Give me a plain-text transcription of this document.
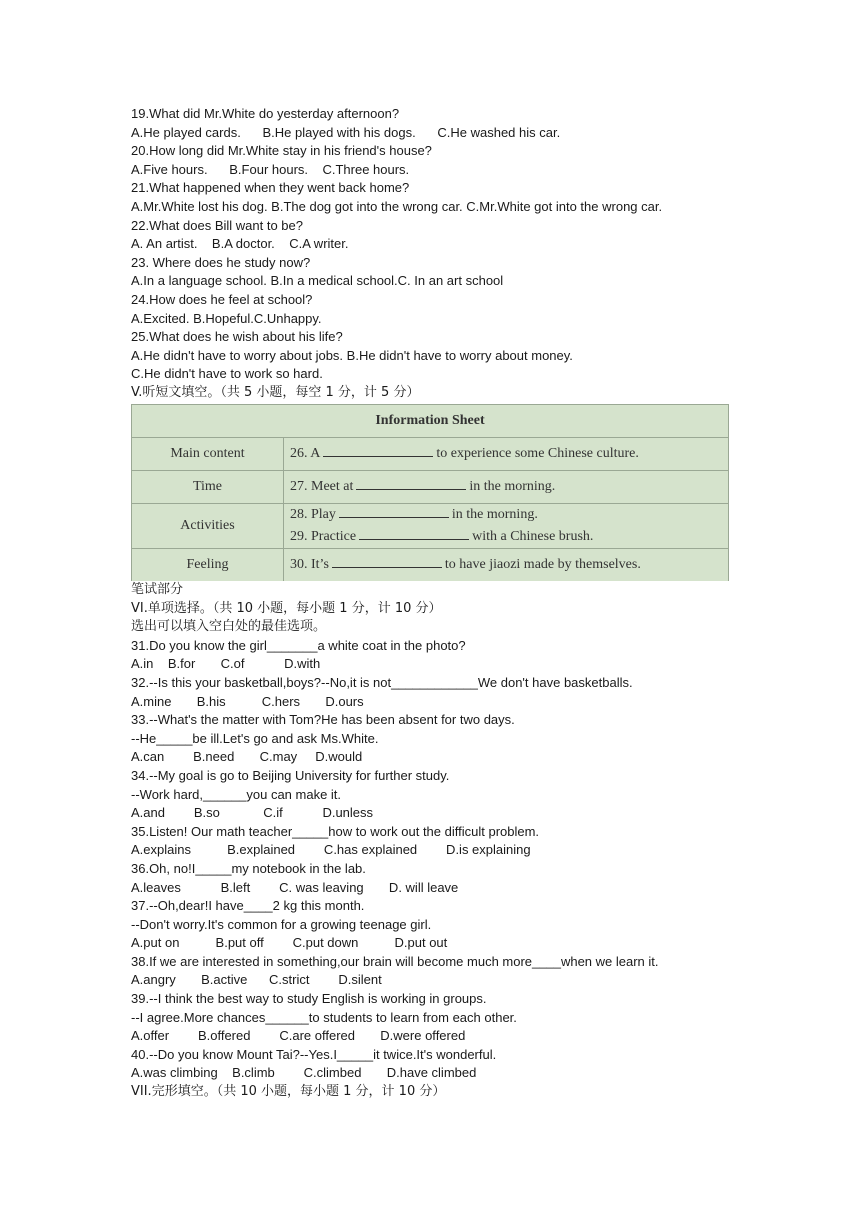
19.What did Mr.White do yesterday afternoon?
A.He played cards.      B.He played with his dogs.      C.He washed his car.
20.How long did Mr.White stay in his friend's house?
A.Five hours.      B.Four hours.    C.Three hours.
21.What happened when they went back home?
A.Mr.White lost his dog. B.The dog got into the wrong car. C.Mr.White got into the wrong car.
22.What does Bill want to be?
A. An artist.    B.A doctor.    C.A writer.
23. Where does he study now?
A.In a language school. B.In a medical school.C. In an art school
24.How does he feel at school?
A.Excited. B.Hopeful.C.Unhappy.
25.What does he wish about his life?
A.He didn't have to worry about jobs. B.He didn't have to worry about money.
C.He didn't have to work so hard.
V.听短文填空。（共 5 小题，每空 1 分，计 5 分）
Information Sheet	
Main content	26. A to experience some Chinese culture.
Time	27. Meet at in the morning.
Activities	28. Play in the morning.
29. Practice with a Chinese brush.

Feeling	30. It’s to have jiaozi made by themselves.
笔试部分
VI.单项选择。（共 10 小题，每小题 1 分，计 10 分）
选出可以填入空白处的最佳选项。
31.Do you know the girl_______a white coat in the photo?
A.in    B.for       C.of           D.with
32.--Is this your basketball,boys?--No,it is not____________We don't have basketballs.
A.mine       B.his          C.hers       D.ours
33.--What's the matter with Tom?He has been absent for two days.
--He_____be ill.Let's go and ask Ms.White.
A.can        B.need       C.may     D.would
34.--My goal is go to Beijing University for further study.
--Work hard,______you can make it.
A.and        B.so            C.if           D.unless
35.Listen! Our math teacher_____how to work out the difficult problem.
A.explains          B.explained        C.has explained        D.is explaining
36.Oh, no!I_____my notebook in the lab.
A.leaves           B.left        C. was leaving       D. will leave
37.--Oh,dear!I have____2 kg this month.
--Don't worry.It's common for a growing teenage girl.
A.put on          B.put off        C.put down          D.put out
38.If we are interested in something,our brain will become much more____when we learn it.
A.angry       B.active      C.strict        D.silent
39.--I think the best way to study English is working in groups.
--I agree.More chances______to students to learn from each other.
A.offer        B.offered        C.are offered       D.were offered
40.--Do you know Mount Tai?--Yes.I_____it twice.It's wonderful.
A.was climbing    B.climb        C.climbed       D.have climbed
VII.完形填空。（共 10 小题，每小题 1 分，计 10 分）
